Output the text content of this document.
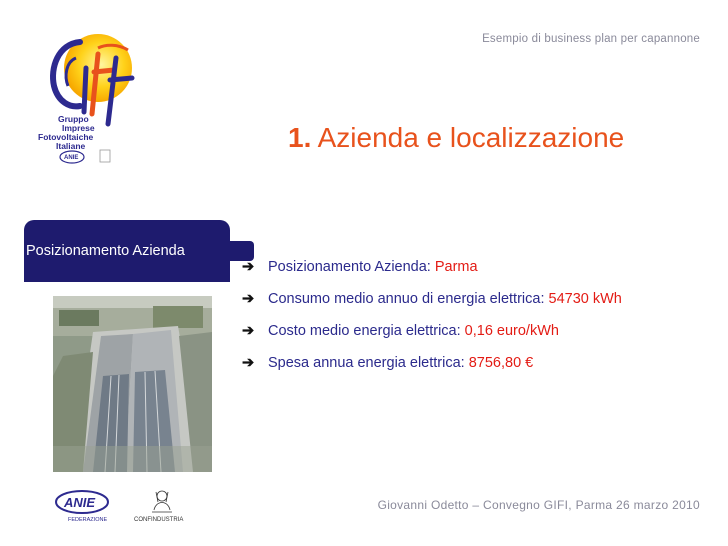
Esempio di business plan per capannone
Gruppo
Imprese
Fotovoltaiche
Italiane
ANIE
1. Azienda e localizzazione
Posizionamento Azienda
➔ Posizionamento Azienda: Parma
➔ Consumo medio annuo di energia elettrica: 54730 kWh
➔ Costo medio energia elettrica: 0,16 euro/kWh
➔ Spesa annua energia elettrica: 8756,80 €
ANIE
FEDERAZIONE	CONFINDUSTRIA
Giovanni Odetto – Convegno GIFI, Parma 26 marzo 2010
